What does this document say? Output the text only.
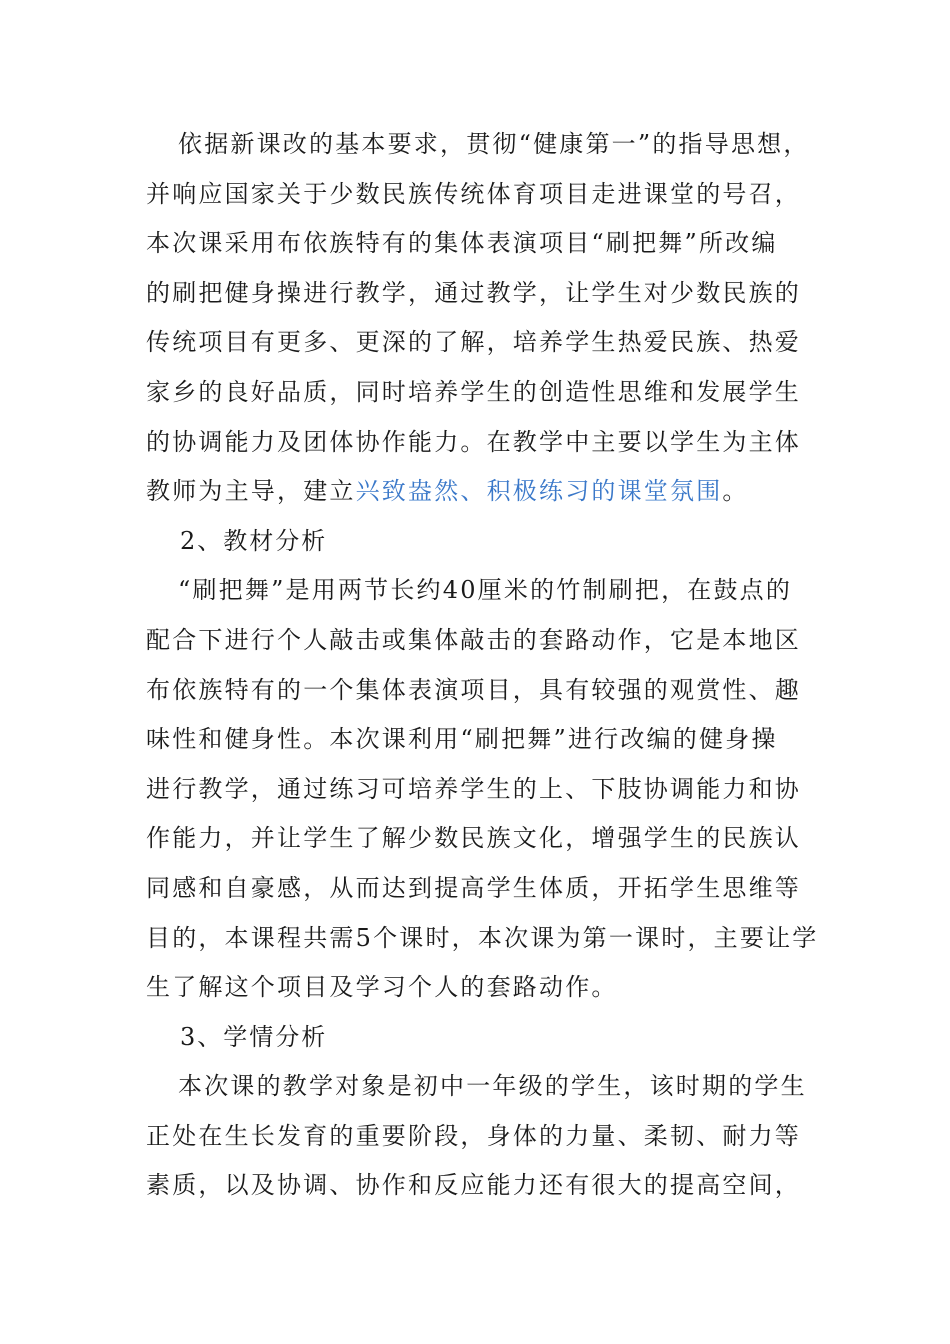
依据新课改的基本要求，贯彻“健康第一”的指导思想，
并响应国家关于少数民族传统体育项目走进课堂的号召，
本次课采用布依族特有的集体表演项目“刷把舞”所改编
的刷把健身操进行教学，通过教学，让学生对少数民族的
传统项目有更多、更深的了解，培养学生热爱民族、热爱
家乡的良好品质，同时培养学生的创造性思维和发展学生
的协调能力及团体协作能力。在教学中主要以学生为主体
教师为主导，建立兴致盎然、积极练习的课堂氛围。
2、教材分析
“刷把舞”是用两节长约40厘米的竹制刷把，在鼓点的
配合下进行个人敲击或集体敲击的套路动作，它是本地区
布依族特有的一个集体表演项目，具有较强的观赏性、趣
味性和健身性。本次课利用“刷把舞”进行改编的健身操
进行教学，通过练习可培养学生的上、下肢协调能力和协
作能力，并让学生了解少数民族文化，增强学生的民族认
同感和自豪感，从而达到提高学生体质，开拓学生思维等
目的，本课程共需5个课时，本次课为第一课时，主要让学
生了解这个项目及学习个人的套路动作。
3、学情分析
本次课的教学对象是初中一年级的学生，该时期的学生
正处在生长发育的重要阶段，身体的力量、柔韧、耐力等
素质，以及协调、协作和反应能力还有很大的提高空间，
